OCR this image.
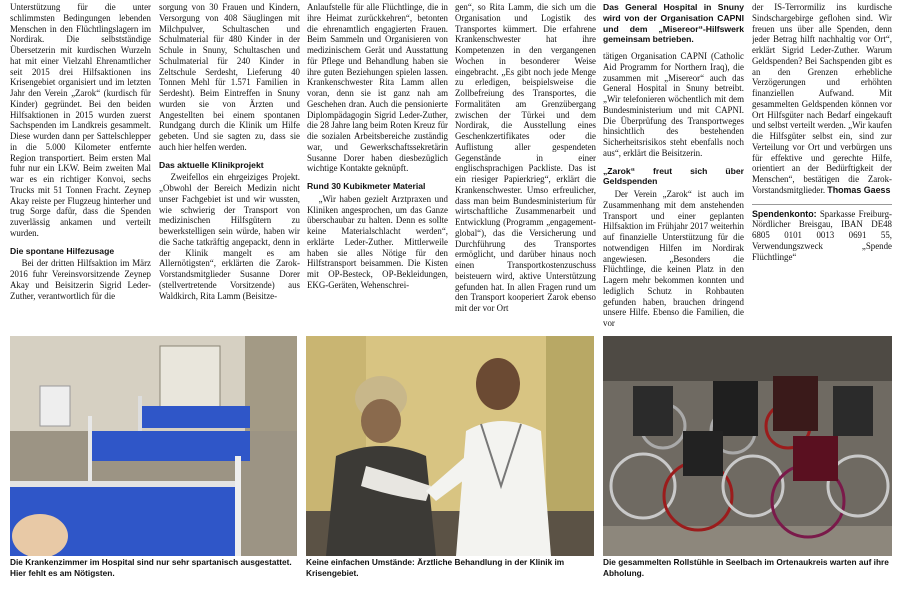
Unterstützung für die unter schlimmsten Bedingungen lebenden Menschen in den Flüchtlingslagern im Nordirak. Die selbstständige Übersetzerin mit kurdischen Wurzeln hat mit einer Vielzahl Ehrenamtlicher seit 2015 drei Hilfsaktionen ins Krisengebiet organisiert und im letzten Jahr den Verein „Zarok“ (kurdisch für Kinder) gegründet. Bei den beiden Hilfsaktionen in 2015 wurden zuerst Sachspenden im Landkreis gesammelt. Diese wurden dann per Sattelschlepper in die 5.000 Kilometer entfernte Region transportiert. Beim ersten Mal fuhr nur ein LKW. Beim zweiten Mal war es ein richtiger Konvoi, sechs Trucks mit 51 Tonnen Fracht. Zeynep Akay reiste per Flugzeug hinterher und trug Sorge dafür, dass die Spenden zuverlässig ankamen und verteilt wurden.

Die spontane Hilfezusage

Bei der dritten Hilfsaktion im März 2016 fuhr Vereinsvorsitzende Zeynep Akay und Beisitzerin Sigrid Leder-Zuther, verantwortlich für die

sorgung von 30 Frauen und Kindern, Versorgung von 408 Säuglingen mit Milchpulver, Schultaschen und Schulmaterial für 480 Kinder in der Schule in Snuny, Schultaschen und Schulmaterial für 240 Kinder in Zeltschule Serdesht, Lieferung 40 Tonnen Mehl für 1.571 Familien in Serdesht). Beim Eintreffen in Snuny wurden sie von Ärzten und Angestellten bei einem spontanen Rundgang durch die Klinik um Hilfe gebeten. Und sie sagten zu, dass sie auch hier helfen werden.

Das aktuelle Klinikprojekt

Zweifellos ein ehrgeiziges Projekt. „Obwohl der Bereich Medizin nicht unser Fachgebiet ist und wir wussten, wie schwierig der Transport von medizinischen Hilfsgütern zu bewerkstelligen sein würde, haben wir die Sache tatkräftig angepackt, denn in der Klinik mangelt es am Allernötigsten“, erklärten die Zarok-Vorstandsmitglieder Susanne Dorer (stellvertretende Vorsitzende) aus Waldkirch, Rita Lamm (Beisitze-

Anlaufstelle für alle Flüchtlinge, die in ihre Heimat zurückkehren“, betonten die ehrenamtlich engagierten Frauen. Beim Sammeln und Organisieren von medizinischem Gerät und Ausstattung für Pflege und Behandlung haben sie ihre guten Beziehungen spielen lassen. Krankenschwester Rita Lamm allen voran, denn sie ist ganz nah am Geschehen dran. Auch die pensionierte Diplompädagogin Sigrid Leder-Zuther, die 28 Jahre lang beim Roten Kreuz für die sozialen Arbeitsbereiche zuständig war, und Gewerkschaftssekretärin Susanne Dorer haben diesbezüglich wichtige Kontakte geknüpft.

Rund 30 Kubikmeter Material

„Wir haben gezielt Arztpraxen und Kliniken angesprochen, um das Ganze überschaubar zu halten. Denn es sollte keine Materialschlacht werden“, erklärte Leder-Zuther. Mittlerweile haben sie alles Nötige für den Hilfstransport beisammen. Die Kisten mit OP-Besteck, OP-Bekleidungen, EKG-Geräten, Wehenschrei-

gen“, so Rita Lamm, die sich um die Organisation und Logistik des Transportes kümmert. Die erfahrene Krankenschwester hat ihre Kompetenzen in den vergangenen Wochen in besonderer Weise eingebracht. „Es gibt noch jede Menge zu erledigen, beispielsweise die Zollbefreiung des Transportes, die Formalitäten am Grenzübergang zwischen der Türkei und dem Nordirak, die Ausstellung eines Geschenkzertifikates oder die Auflistung aller gespendeten Gegenstände in einer englischsprachigen Packliste. Das ist ein riesiger Papierkrieg“, erklärt die Krankenschwester. Umso erfreulicher, dass man beim Bundesministerium für wirtschaftliche Zusammenarbeit und Entwicklung (Programm „engagement-global“), das die Versicherung und Durchführung des Transportes ermöglicht, und darüber hinaus noch einen Transportkostenzuschuss beisteuern wird, aktive Unterstützung gefunden hat. In allen Fragen rund um den Transport kooperiert Zarok ebenso mit der vor Ort

Das General Hospital in Snuny wird von der Organisation CAPNI und dem „Misereor“-Hilfswerk gemeinsam betrieben.

tätigen Organisation CAPNI (Catholic Aid Programm for Northern Iraq), die zusammen mit „Misereor“ auch das General Hospital in Snuny betreibt. „Wir telefonieren wöchentlich mit dem Bundesministerium und mit CAPNI. Die Überprüfung des Transportweges hinsichtlich des bestehenden Sicherheitsrisikos steht ebenfalls noch aus“, erklärt die Beisitzerin.

„Zarok“ freut sich über Geldspenden

Der Verein „Zarok“ ist auch im Zusammenhang mit dem anstehenden Transport und einer geplanten Hilfsaktion im Frühjahr 2017 weiterhin auf finanzielle Unterstützung für die notwendigen Hilfen im Nordirak angewiesen. „Besonders die Flüchtlinge, die keinen Platz in den Lagern mehr bekommen konnten und lediglich Schutz in Rohbauten gefunden haben, brauchen dringend unsere Hilfe. Ebenso die Familien, die vor

der IS-Terrormiliz ins kurdische Sindschargebirge geflohen sind. Wir freuen uns über alle Spenden, denn jeder Betrag hilft nachhaltig vor Ort“, erklärt Sigrid Leder-Zuther. Warum Geldspenden? Bei Sachspenden gibt es an den Grenzen erhebliche Verzögerungen und erhöhten finanziellen Aufwand. Mit gesammelten Geldspenden können vor Ort Hilfsgüter nach Bedarf eingekauft und selbst verteilt werden. „Wir kaufen die Hilfsgüter selbst ein, sind zur Verteilung vor Ort und verbürgen uns für effektive und gerechte Hilfe, orientiert an der Bedürftigkeit der Menschen“, bestätigen die Zarok-Vorstandsmitglieder. Thomas Gaess

Spendenkonto: Sparkasse Freiburg-Nördlicher Breisgau, IBAN DE48 6805 0101 0013 0691 55, Verwendungszweck „Spende Flüchtlinge“
Die Krankenzimmer im Hospital sind nur sehr spartanisch ausgestattet. Hier fehlt es am Nötigsten.
Keine einfachen Umstände: Ärztliche Behandlung in der Klinik im Krisengebiet.
Die gesammelten Rollstühle in Seelbach im Ortenaukreis warten auf ihre Abholung.
